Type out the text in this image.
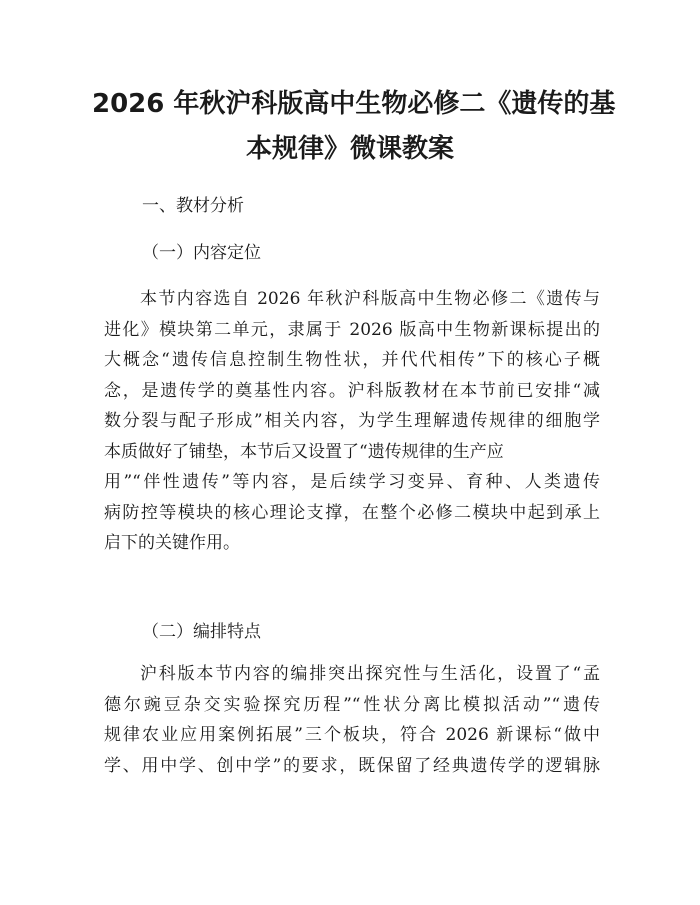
2026 年秋沪科版高中生物必修二《遗传的基
本规律》微课教案
一、教材分析
（一）内容定位
本节内容选自 2026 年秋沪科版高中生物必修二《遗传与
进化》模块第二单元，隶属于 2026 版高中生物新课标提出的
大概念“遗传信息控制生物性状，并代代相传”下的核心子概
念，是遗传学的奠基性内容。沪科版教材在本节前已安排“减
数分裂与配子形成”相关内容，为学生理解遗传规律的细胞学
本质做好了铺垫，本节后又设置了“遗传规律的生产应
用”“伴性遗传”等内容，是后续学习变异、育种、人类遗传
病防控等模块的核心理论支撑，在整个必修二模块中起到承上
启下的关键作用。
（二）编排特点
沪科版本节内容的编排突出探究性与生活化，设置了“孟
德尔豌豆杂交实验探究历程”“性状分离比模拟活动”“遗传
规律农业应用案例拓展”三个板块，符合 2026 新课标“做中
学、用中学、创中学”的要求，既保留了经典遗传学的逻辑脉
